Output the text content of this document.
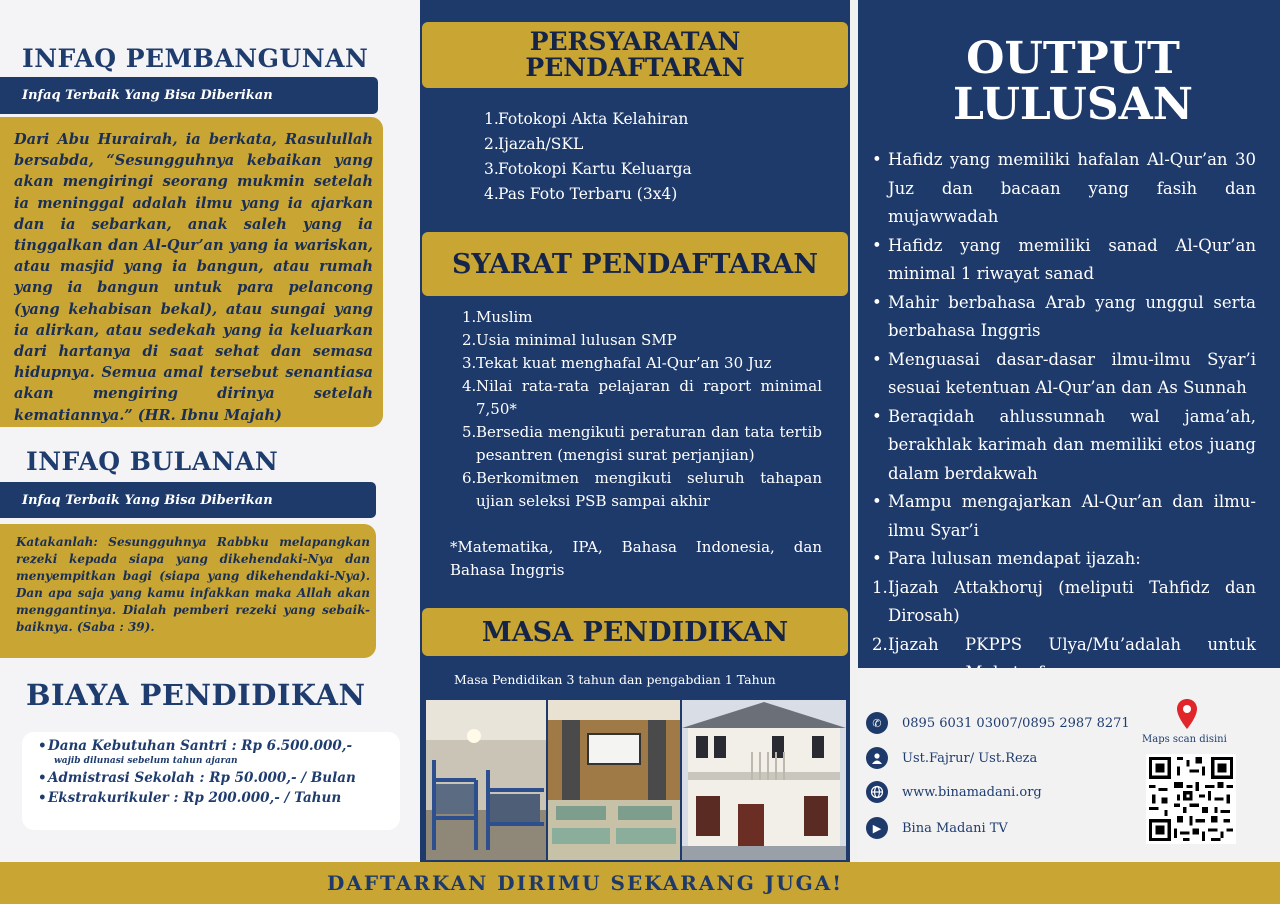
INFAQ PEMBANGUNAN
Infaq Terbaik Yang Bisa Diberikan
Dari Abu Hurairah, ia berkata, Rasulullah bersabda, “Sesungguhnya kebaikan yang akan mengiringi seorang mukmin setelah ia meninggal adalah ilmu yang ia ajarkan dan ia sebarkan, anak saleh yang ia tinggalkan dan Al-Qur’an yang ia wariskan, atau masjid yang ia bangun, atau rumah yang ia bangun untuk para pelancong (yang kehabisan bekal), atau sungai yang ia alirkan, atau sedekah yang ia keluarkan dari hartanya di saat sehat dan semasa hidupnya. Semua amal tersebut senantiasa akan mengiring dirinya setelah kematiannya.” (HR. Ibnu Majah)
INFAQ BULANAN
Infaq Terbaik Yang Bisa Diberikan
Katakanlah: Sesungguhnya Rabbku melapangkan rezeki kepada siapa yang dikehendaki-Nya dan menyempitkan bagi (siapa yang dikehendaki-Nya). Dan apa saja yang kamu infakkan maka Allah akan menggantinya. Dialah pemberi rezeki yang sebaik-baiknya. (Saba : 39).
BIAYA PENDIDIKAN
• Dana Kebutuhan Santri : Rp 6.500.000,-
wajib dilunasi sebelum tahun ajaran
• Admistrasi Sekolah : Rp 50.000,- / Bulan
• Ekstrakurikuler : Rp 200.000,- / Tahun
PERSYARATAN
PENDAFTARAN
1. Fotokopi Akta Kelahiran
2. Ijazah/SKL
3. Fotokopi Kartu Keluarga
4. Pas Foto Terbaru (3x4)
SYARAT PENDAFTARAN
1. Muslim
2. Usia minimal lulusan SMP
3. Tekat kuat menghafal Al-Qur’an 30 Juz
4. Nilai rata-rata pelajaran di raport minimal 7,50*
5. Bersedia mengikuti peraturan dan tata tertib pesantren (mengisi surat perjanjian)
6. Berkomitmen mengikuti seluruh tahapan ujian seleksi PSB sampai akhir
*Matematika, IPA, Bahasa Indonesia, dan Bahasa Inggris
MASA PENDIDIKAN
Masa Pendidikan 3 tahun dan pengabdian 1 Tahun
OUTPUT
LULUSAN
• Hafidz yang memiliki hafalan Al-Qur’an 30 Juz dan bacaan yang fasih dan mujawwadah
• Hafidz yang memiliki sanad Al-Qur’an minimal 1 riwayat sanad
• Mahir berbahasa Arab yang unggul serta berbahasa Inggris
• Menguasai dasar-dasar ilmu-ilmu Syar’i sesuai ketentuan Al-Qur’an dan As Sunnah
• Beraqidah ahlussunnah wal jama’ah, berakhlak karimah dan memiliki etos juang dalam berdakwah
• Mampu mengajarkan Al-Qur’an dan ilmu-ilmu Syar’i
• Para lulusan mendapat ijazah:
1. Ijazah Attakhoruj (meliputi Tahfidz dan Dirosah)
2. Ijazah PKPPS Ulya/Mu’adalah untuk
✆	0895 6031 03007/0895 2987 8271
Ust.Fajrur/ Ust.Reza
www.binamadani.org
▶	Bina Madani TV
Maps scan disini
DAFTARKAN DIRIMU SEKARANG JUGA!
